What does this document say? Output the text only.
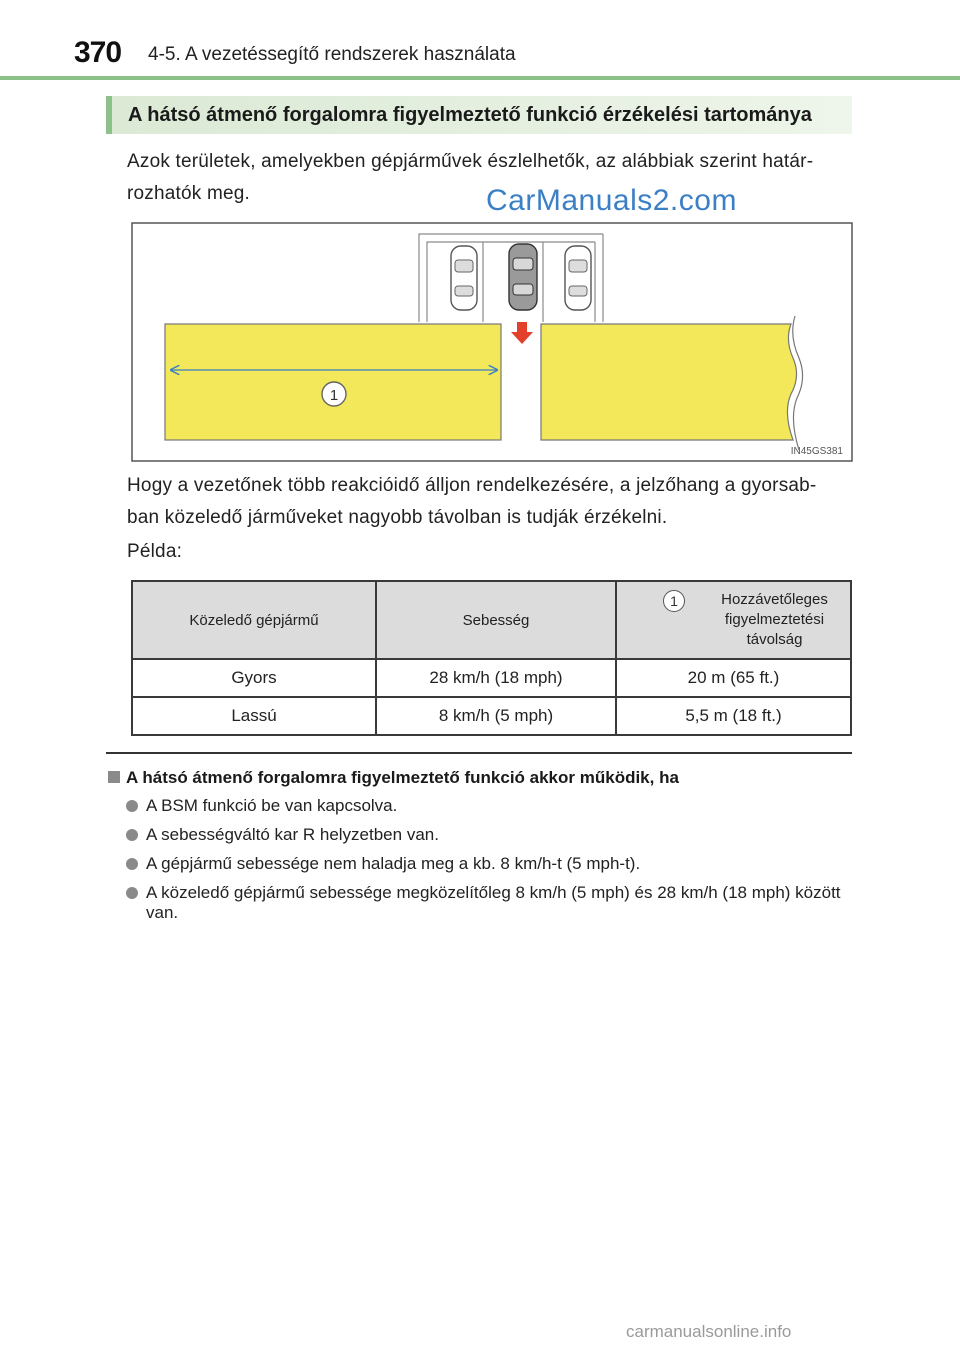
370 4-5. A vezetéssegítő rendszerek használata
A hátsó átmenő forgalomra figyelmeztető funkció érzékelési tartománya
Azok területek, amelyekben gépjárművek észlelhetők, az alábbiak szerint határ-
rozhatók meg.	CarManuals2.com
1
IN45GS381
Hogy a vezetőnek több reakcióidő álljon rendelkezésére, a jelzőhang a gyorsab-
ban közeledő járműveket nagyobb távolban is tudják érzékelni.
Példa:
Közeledő gépjármű	Sebesség	1 Hozzávetőleges figyelmeztetési távolság

Gyors	28 km/h (18 mph)	20 m (65 ft.)
Lassú	8 km/h (5 mph)	5,5 m (18 ft.)
A hátsó átmenő forgalomra figyelmeztető funkció akkor működik, ha
A BSM funkció be van kapcsolva.
A sebességváltó kar R helyzetben van.
A gépjármű sebessége nem haladja meg a kb. 8 km/h-t (5 mph-t).
A közeledő gépjármű sebessége megközelítőleg 8 km/h (5 mph) és 28 km/h (18 mph) között van.
carmanualsonline.info
